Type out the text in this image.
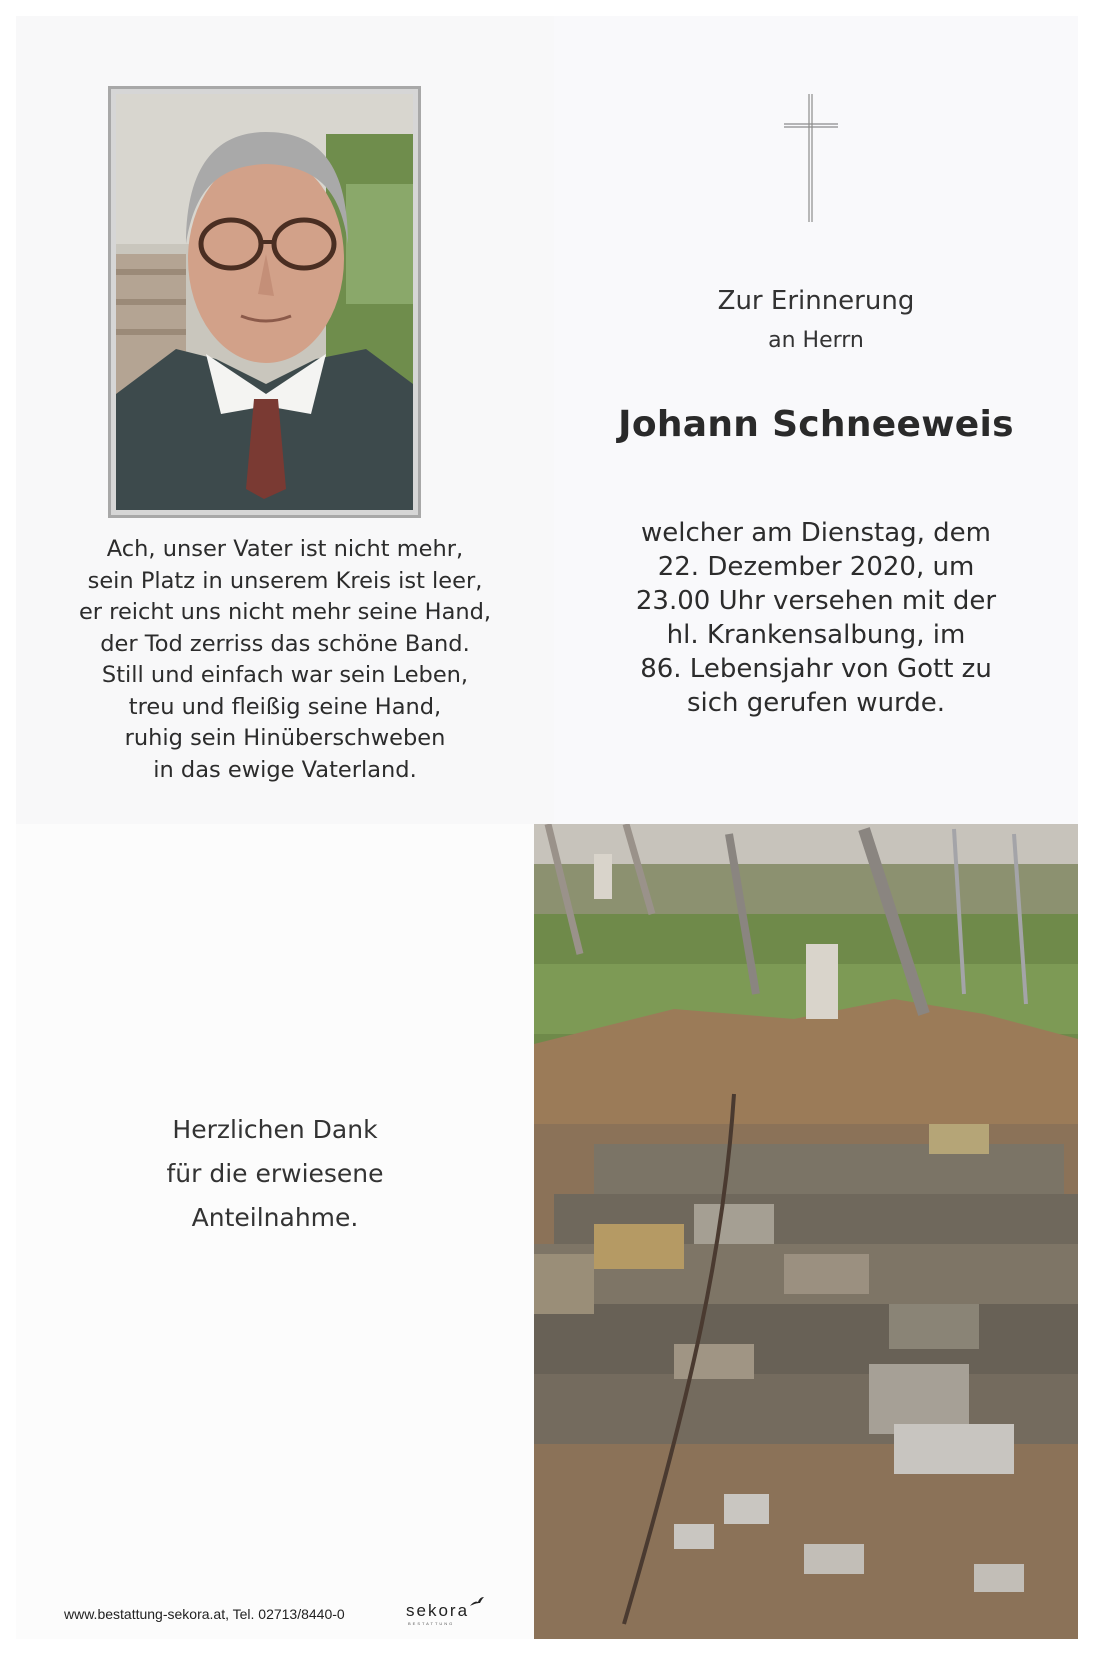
Ach, unser Vater ist nicht mehr,
sein Platz in unserem Kreis ist leer,
er reicht uns nicht mehr seine Hand,
der Tod zerriss das schöne Band.
Still und einfach war sein Leben,
treu und fleißig seine Hand,
ruhig sein Hinüberschweben
in das ewige Vaterland.
Zur Erinnerung
an Herrn
Johann Schneeweis
welcher am Dienstag, dem
22. Dezember 2020, um
23.00 Uhr versehen mit der
hl. Krankensalbung, im
86. Lebensjahr von Gott zu
sich gerufen wurde.
Herzlichen Dank
für die erwiesene
Anteilnahme.
www.bestattung-sekora.at, Tel. 02713/8440-0	sekora
BESTATTUNG
